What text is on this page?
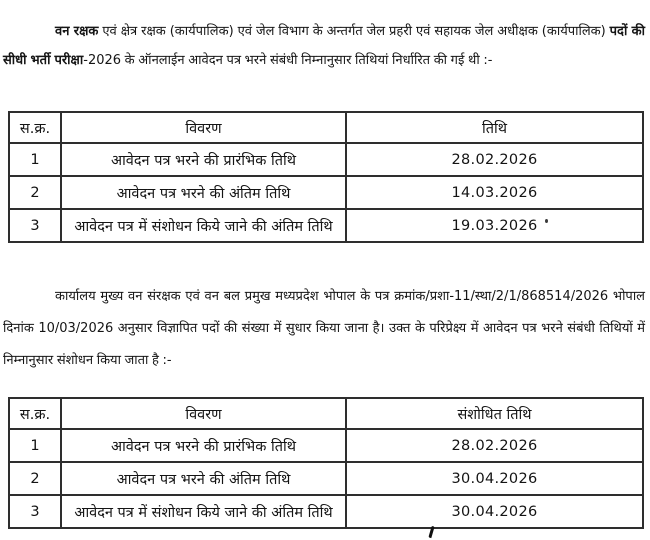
वन रक्षक एवं क्षेत्र रक्षक (कार्यपालिक) एवं जेल विभाग के अन्तर्गत जेल प्रहरी एवं सहायक जेल अधीक्षक (कार्यपालिक) पदों की सीधी भर्ती परीक्षा-2026 के ऑनलाईन आवेदन पत्र भरने संबंधी निम्नानुसार तिथियां निर्धारित की गई थी :-

स.क्र.	विवरण	तिथि
1	आवेदन पत्र भरने की प्रारंभिक तिथि	28.02.2026
2	आवेदन पत्र भरने की अंतिम तिथि	14.03.2026
3	आवेदन पत्र में संशोधन किये जाने की अंतिम तिथि	19.03.2026

कार्यालय मुख्य वन संरक्षक एवं वन बल प्रमुख मध्यप्रदेश भोपाल के पत्र क्रमांक/प्रशा-11/स्था/2/1/868514/2026 भोपाल दिनांक 10/03/2026 अनुसार विज्ञापित पदों की संख्या में सुधार किया जाना है। उक्त के परिप्रेक्ष्य में आवेदन पत्र भरने संबंधी तिथियों में निम्नानुसार संशोधन किया जाता है :-

स.क्र.	विवरण	संशोधित तिथि
1	आवेदन पत्र भरने की प्रारंभिक तिथि	28.02.2026
2	आवेदन पत्र भरने की अंतिम तिथि	30.04.2026
3	आवेदन पत्र में संशोधन किये जाने की अंतिम तिथि	30.04.2026
